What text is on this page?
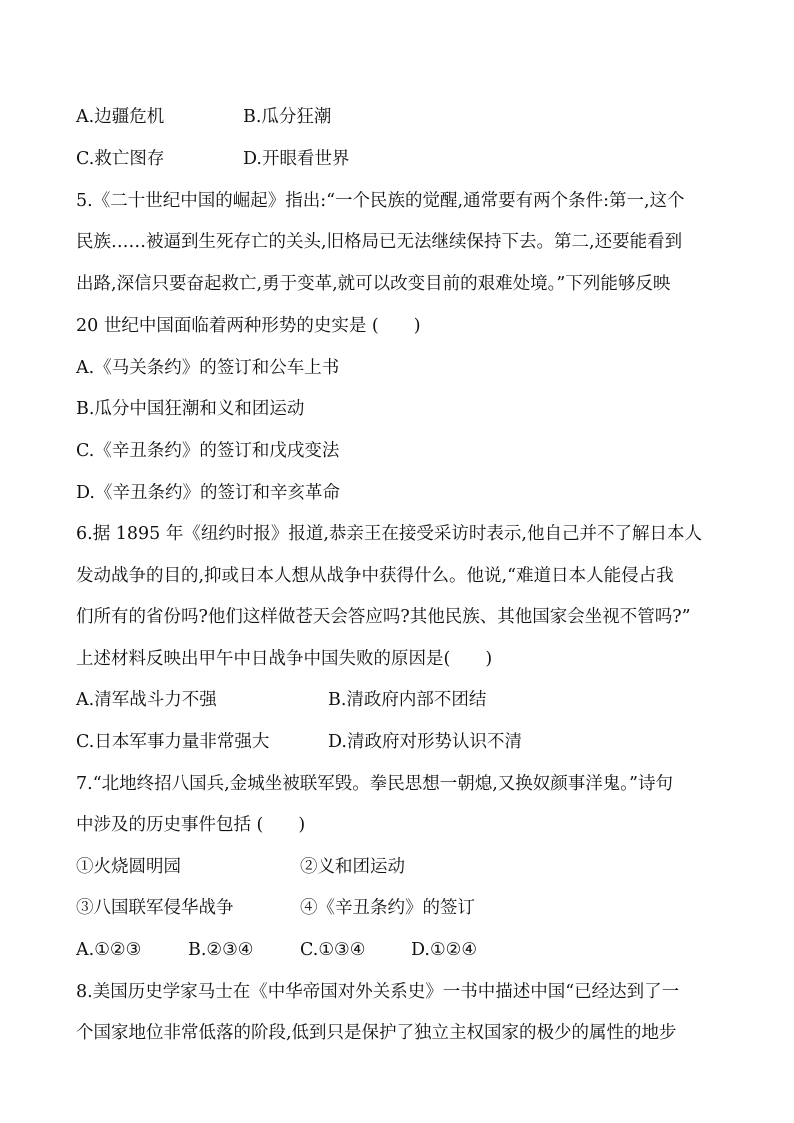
A.边疆危机	B.瓜分狂潮
C.救亡图存	D.开眼看世界
5.《二十世纪中国的崛起》指出:“一个民族的觉醒,通常要有两个条件:第一,这个
民族……被逼到生死存亡的关头,旧格局已无法继续保持下去。第二,还要能看到
出路,深信只要奋起救亡,勇于变革,就可以改变目前的艰难处境。”下列能够反映
20 世纪中国面临着两种形势的史实是 (　　)
A.《马关条约》的签订和公车上书
B.瓜分中国狂潮和义和团运动
C.《辛丑条约》的签订和戊戌变法
D.《辛丑条约》的签订和辛亥革命
6.据 1895 年《纽约时报》报道,恭亲王在接受采访时表示,他自己并不了解日本人
发动战争的目的,抑或日本人想从战争中获得什么。他说,“难道日本人能侵占我
们所有的省份吗?他们这样做苍天会答应吗?其他民族、其他国家会坐视不管吗?”
上述材料反映出甲午中日战争中国失败的原因是(　　)
A.清军战斗力不强	B.清政府内部不团结
C.日本军事力量非常强大	D.清政府对形势认识不清
7.“北地终招八国兵,金城坐被联军毁。拳民思想一朝熄,又换奴颜事洋鬼。”诗句
中涉及的历史事件包括 (　　)
①火烧圆明园	②义和团运动
③八国联军侵华战争	④《辛丑条约》的签订
A.①②③	B.②③④	C.①③④	D.①②④
8.美国历史学家马士在《中华帝国对外关系史》一书中描述中国“已经达到了一
个国家地位非常低落的阶段,低到只是保护了独立主权国家的极少的属性的地步
